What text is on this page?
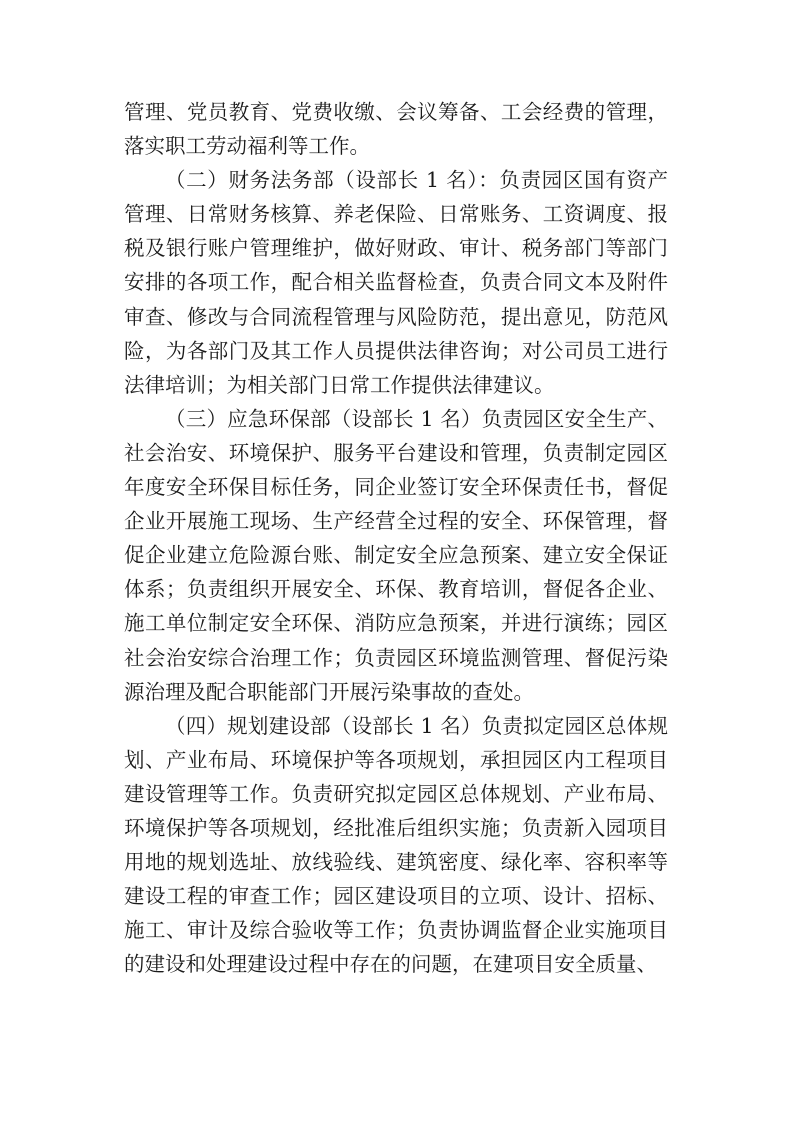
管理、党员教育、党费收缴、会议筹备、工会经费的管理，落实职工劳动福利等工作。

（二）财务法务部（设部长 1 名）：负责园区国有资产管理、日常财务核算、养老保险、日常账务、工资调度、报税及银行账户管理维护，做好财政、审计、税务部门等部门安排的各项工作，配合相关监督检查，负责合同文本及附件审查、修改与合同流程管理与风险防范，提出意见，防范风险，为各部门及其工作人员提供法律咨询；对公司员工进行法律培训；为相关部门日常工作提供法律建议。

（三）应急环保部（设部长 1 名）负责园区安全生产、社会治安、环境保护、服务平台建设和管理，负责制定园区年度安全环保目标任务，同企业签订安全环保责任书，督促企业开展施工现场、生产经营全过程的安全、环保管理，督促企业建立危险源台账、制定安全应急预案、建立安全保证体系；负责组织开展安全、环保、教育培训，督促各企业、施工单位制定安全环保、消防应急预案，并进行演练；园区社会治安综合治理工作；负责园区环境监测管理、督促污染源治理及配合职能部门开展污染事故的查处。

（四）规划建设部（设部长 1 名）负责拟定园区总体规划、产业布局、环境保护等各项规划，承担园区内工程项目建设管理等工作。负责研究拟定园区总体规划、产业布局、环境保护等各项规划，经批准后组织实施；负责新入园项目用地的规划选址、放线验线、建筑密度、绿化率、容积率等建设工程的审查工作；园区建设项目的立项、设计、招标、施工、审计及综合验收等工作；负责协调监督企业实施项目的建设和处理建设过程中存在的问题，在建项目安全质量、
